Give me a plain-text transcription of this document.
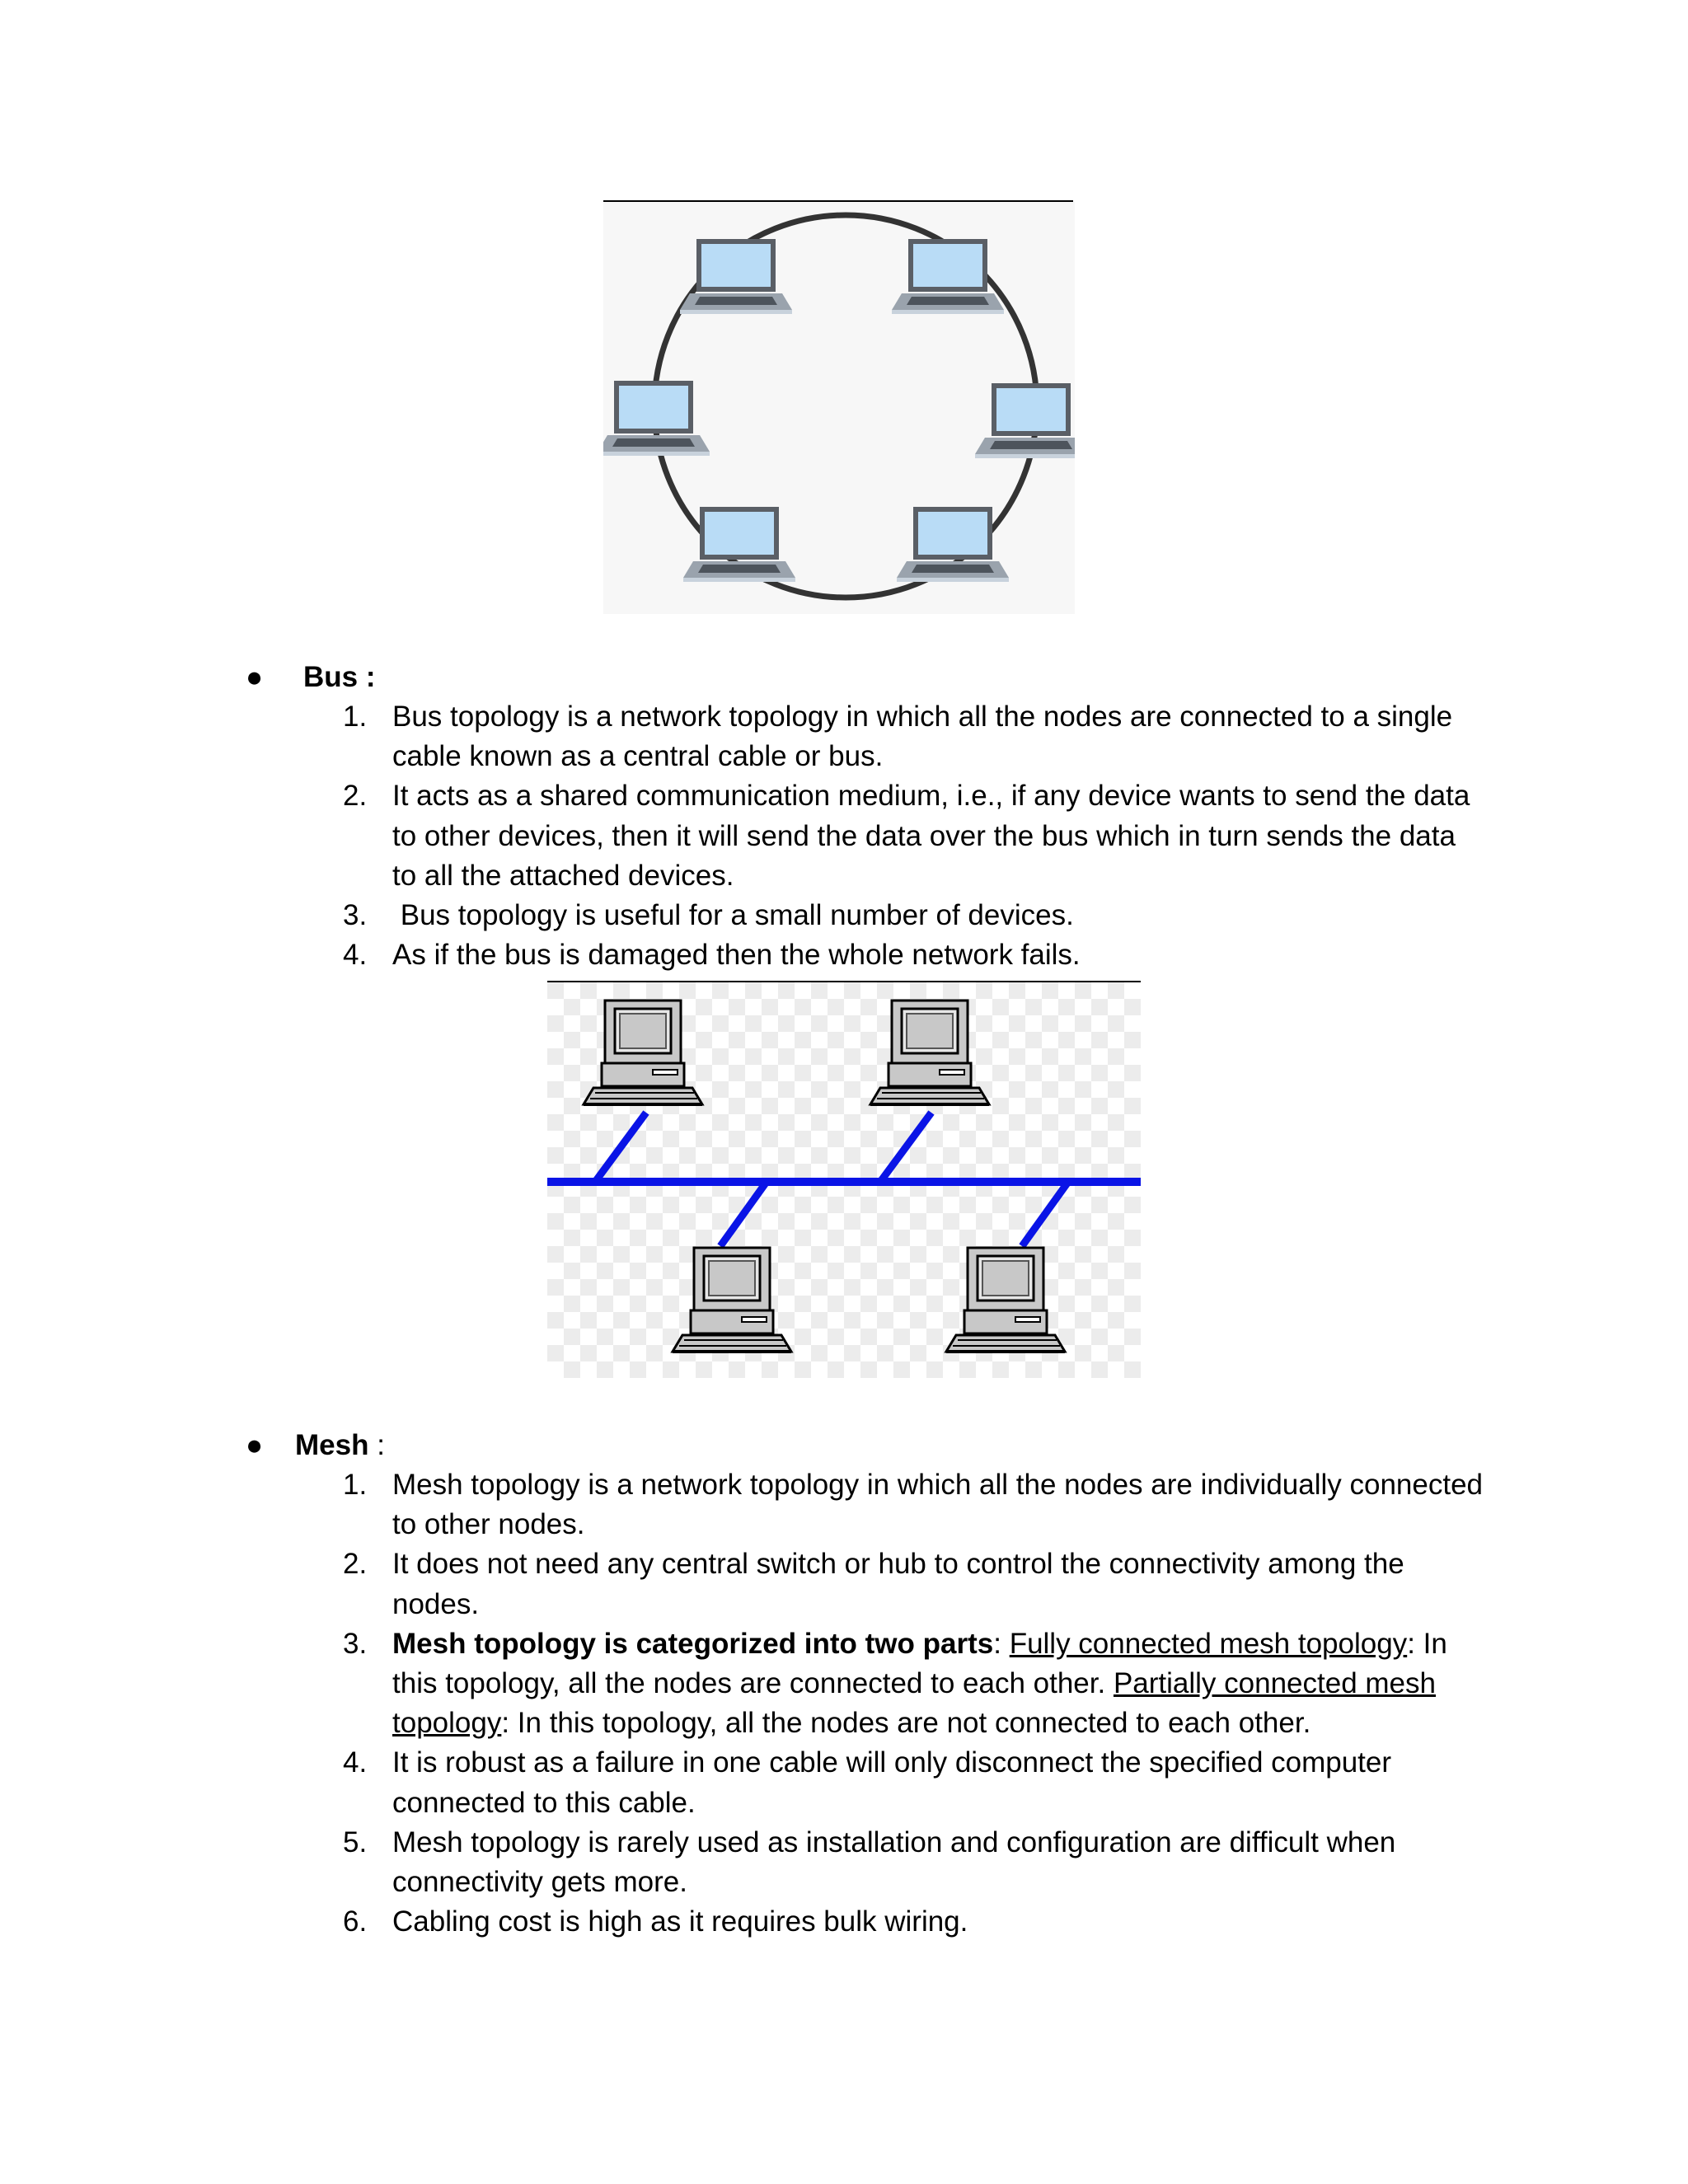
● Bus :
1. Bus topology is a network topology in which all the nodes are connected to a single cable known as a central cable or bus.
2. It acts as a shared communication medium, i.e., if any device wants to send the data to other devices, then it will send the data over the bus which in turn sends the data to all the attached devices.
3. Bus topology is useful for a small number of devices.
4. As if the bus is damaged then the whole network fails.
● Mesh :
1. Mesh topology is a network topology in which all the nodes are individually connected to other nodes.
2. It does not need any central switch or hub to control the connectivity among the nodes.
3. Mesh topology is categorized into two parts: Fully connected mesh topology: In this topology, all the nodes are connected to each other. Partially connected mesh topology: In this topology, all the nodes are not connected to each other.
4. It is robust as a failure in one cable will only disconnect the specified computer connected to this cable.
5. Mesh topology is rarely used as installation and configuration are difficult when connectivity gets more.
6. Cabling cost is high as it requires bulk wiring.
